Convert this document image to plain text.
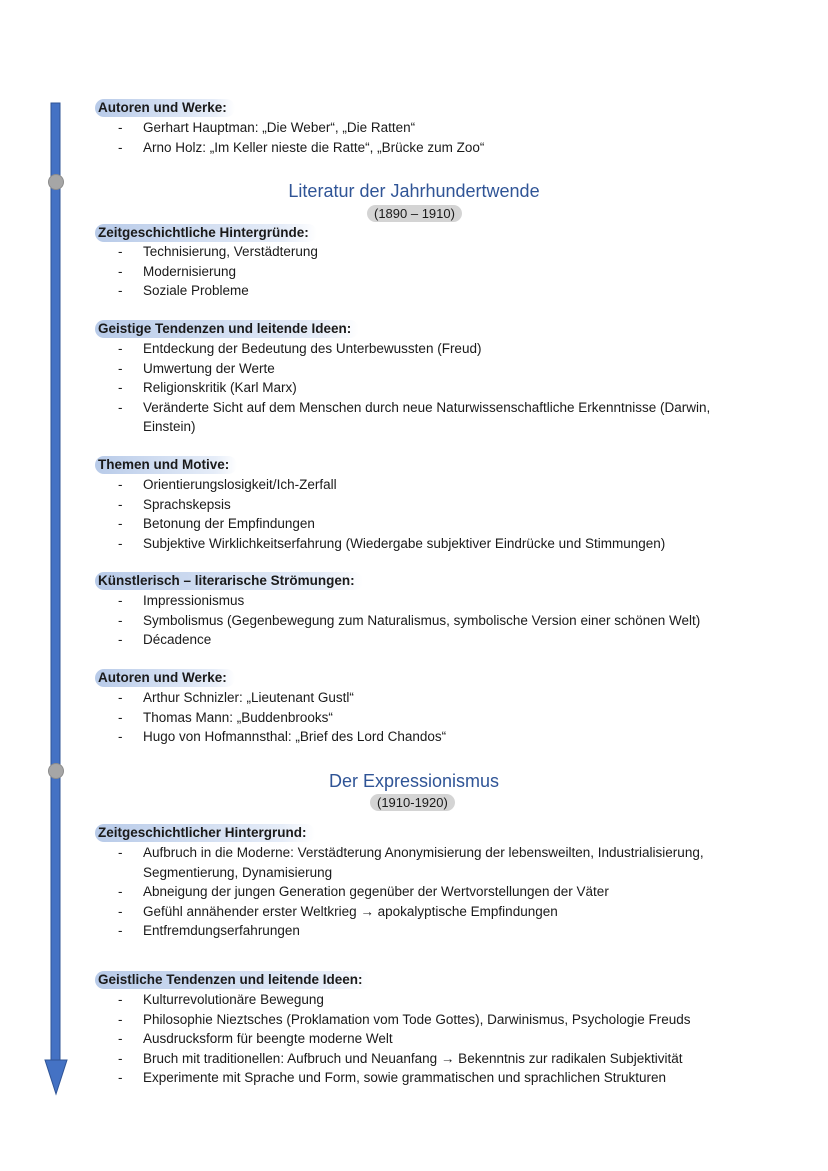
Autoren und Werke:
- Gerhart Hauptman: „Die Weber“, „Die Ratten“
- Arno Holz: „Im Keller nieste die Ratte“, „Brücke zum Zoo“
Literatur der Jahrhundertwende
(1890 – 1910)
Zeitgeschichtliche Hintergründe:
- Technisierung, Verstädterung
- Modernisierung
- Soziale Probleme
Geistige Tendenzen und leitende Ideen:
- Entdeckung der Bedeutung des Unterbewussten (Freud)
- Umwertung der Werte
- Religionskritik (Karl Marx)
- Veränderte Sicht auf dem Menschen durch neue Naturwissenschaftliche Erkenntnisse (Darwin, Einstein)
Themen und Motive:
- Orientierungslosigkeit/Ich-Zerfall
- Sprachskepsis
- Betonung der Empfindungen
- Subjektive Wirklichkeitserfahrung (Wiedergabe subjektiver Eindrücke und Stimmungen)
Künstlerisch – literarische Strömungen:
- Impressionismus
- Symbolismus (Gegenbewegung zum Naturalismus, symbolische Version einer schönen Welt)
- Décadence
Autoren und Werke:
- Arthur Schnizler: „Lieutenant Gustl“
- Thomas Mann: „Buddenbrooks“
- Hugo von Hofmannsthal: „Brief des Lord Chandos“
Der Expressionismus
(1910-1920)
Zeitgeschichtlicher Hintergrund:
- Aufbruch in die Moderne: Verstädterung Anonymisierung der lebensweilten, Industrialisierung, Segmentierung, Dynamisierung
- Abneigung der jungen Generation gegenüber der Wertvorstellungen der Väter
- Gefühl annähender erster Weltkrieg → apokalyptische Empfindungen
- Entfremdungserfahrungen
Geistliche Tendenzen und leitende Ideen:
- Kulturrevolutionäre Bewegung
- Philosophie Nieztsches (Proklamation vom Tode Gottes), Darwinismus, Psychologie Freuds
- Ausdrucksform für beengte moderne Welt
- Bruch mit traditionellen: Aufbruch und Neuanfang → Bekenntnis zur radikalen Subjektivität
- Experimente mit Sprache und Form, sowie grammatischen und sprachlichen Strukturen
